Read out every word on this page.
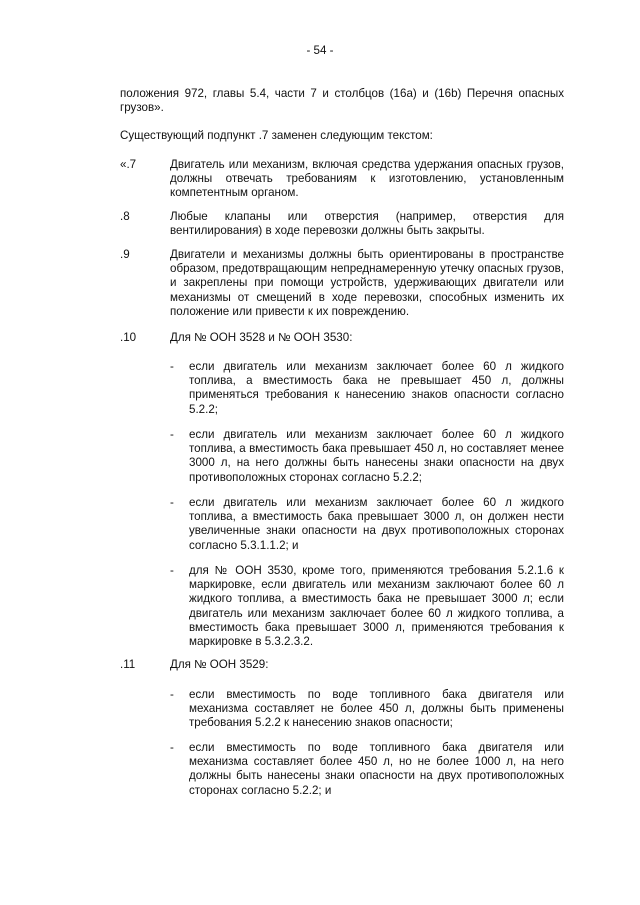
- 54 -
положения 972, главы 5.4, части 7 и столбцов (16a) и (16b) Перечня опасных грузов».
Существующий подпункт .7 заменен следующим текстом:
«.7	Двигатель или механизм, включая средства удержания опасных грузов, должны отвечать требованиям к изготовлению, установленным компетентным органом.
.8	Любые клапаны или отверстия (например, отверстия для вентилирования) в ходе перевозки должны быть закрыты.
.9	Двигатели и механизмы должны быть ориентированы в пространстве образом, предотвращающим непреднамеренную утечку опасных грузов, и закреплены при помощи устройств, удерживающих двигатели или механизмы от смещений в ходе перевозки, способных изменить их положение или привести к их повреждению.
.10	Для № ООН 3528 и № ООН 3530:
- если двигатель или механизм заключает более 60 л жидкого топлива, а вместимость бака не превышает 450 л, должны применяться требования к нанесению знаков опасности согласно 5.2.2;
- если двигатель или механизм заключает более 60 л жидкого топлива, а вместимость бака превышает 450 л, но составляет менее 3000 л, на него должны быть нанесены знаки опасности на двух противоположных сторонах согласно 5.2.2;
- если двигатель или механизм заключает более 60 л жидкого топлива, а вместимость бака превышает 3000 л, он должен нести увеличенные знаки опасности на двух противоположных сторонах согласно 5.3.1.1.2; и
- для № ООН 3530, кроме того, применяются требования 5.2.1.6 к маркировке, если двигатель или механизм заключают более 60 л жидкого топлива, а вместимость бака не превышает 3000 л; если двигатель или механизм заключает более 60 л жидкого топлива, а вместимость бака превышает 3000 л, применяются требования к маркировке в 5.3.2.3.2.
.11	Для № ООН 3529:
- если вместимость по воде топливного бака двигателя или механизма составляет не более 450 л, должны быть применены требования 5.2.2 к нанесению знаков опасности;
- если вместимость по воде топливного бака двигателя или механизма составляет более 450 л, но не более 1000 л, на него должны быть нанесены знаки опасности на двух противоположных сторонах согласно 5.2.2; и
